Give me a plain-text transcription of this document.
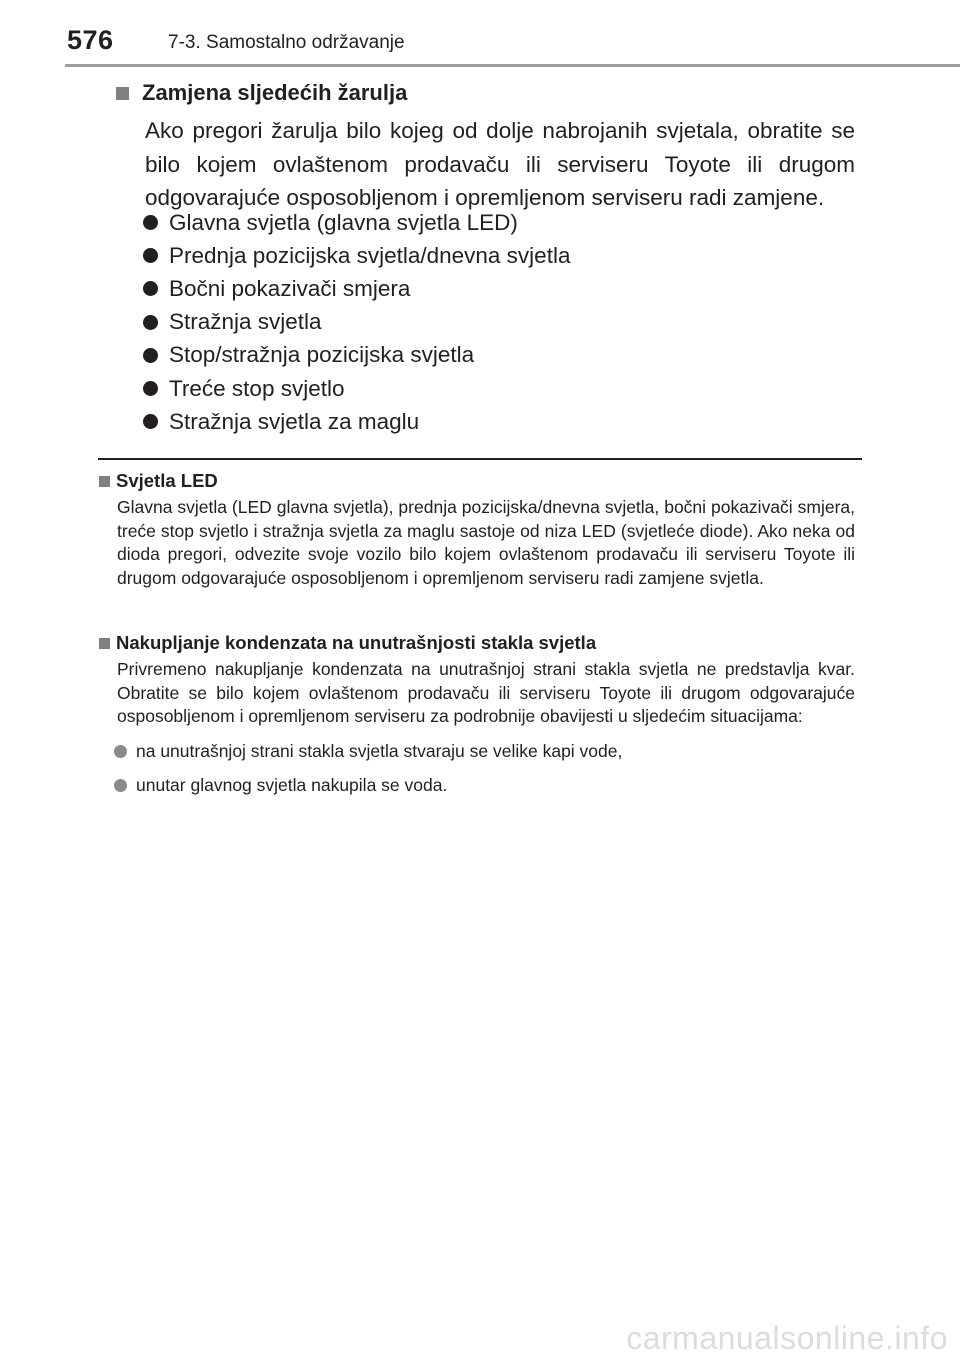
576	7-3. Samostalno održavanje
Zamjena sljedećih žarulja

Ako pregori žarulja bilo kojeg od dolje nabrojanih svjetala, obratite se bilo kojem ovlaštenom prodavaču ili serviseru Toyote ili drugom odgovarajuće osposobljenom i opremljenom serviseru radi zamjene.

Glavna svjetla (glavna svjetla LED)
Prednja pozicijska svjetla/dnevna svjetla
Bočni pokazivači smjera
Stražnja svjetla
Stop/stražnja pozicijska svjetla
Treće stop svjetlo
Stražnja svjetla za maglu
Svjetla LED
Glavna svjetla (LED glavna svjetla), prednja pozicijska/dnevna svjetla, bočni pokazivači smjera, treće stop svjetlo i stražnja svjetla za maglu sastoje od niza LED (svjetleće diode). Ako neka od dioda pregori, odvezite svoje vozilo bilo kojem ovlaštenom prodavaču ili serviseru Toyote ili drugom odgovarajuće osposobljenom i opremljenom serviseru radi zamjene svjetla.
Nakupljanje kondenzata na unutrašnjosti stakla svjetla
Privremeno nakupljanje kondenzata na unutrašnjoj strani stakla svjetla ne predstavlja kvar. Obratite se bilo kojem ovlaštenom prodavaču ili serviseru Toyote ili drugom odgovarajuće osposobljenom i opremljenom serviseru za podrobnije obavijesti u sljedećim situacijama:
na unutrašnjoj strani stakla svjetla stvaraju se velike kapi vode,
unutar glavnog svjetla nakupila se voda.
carmanualsonline.info
